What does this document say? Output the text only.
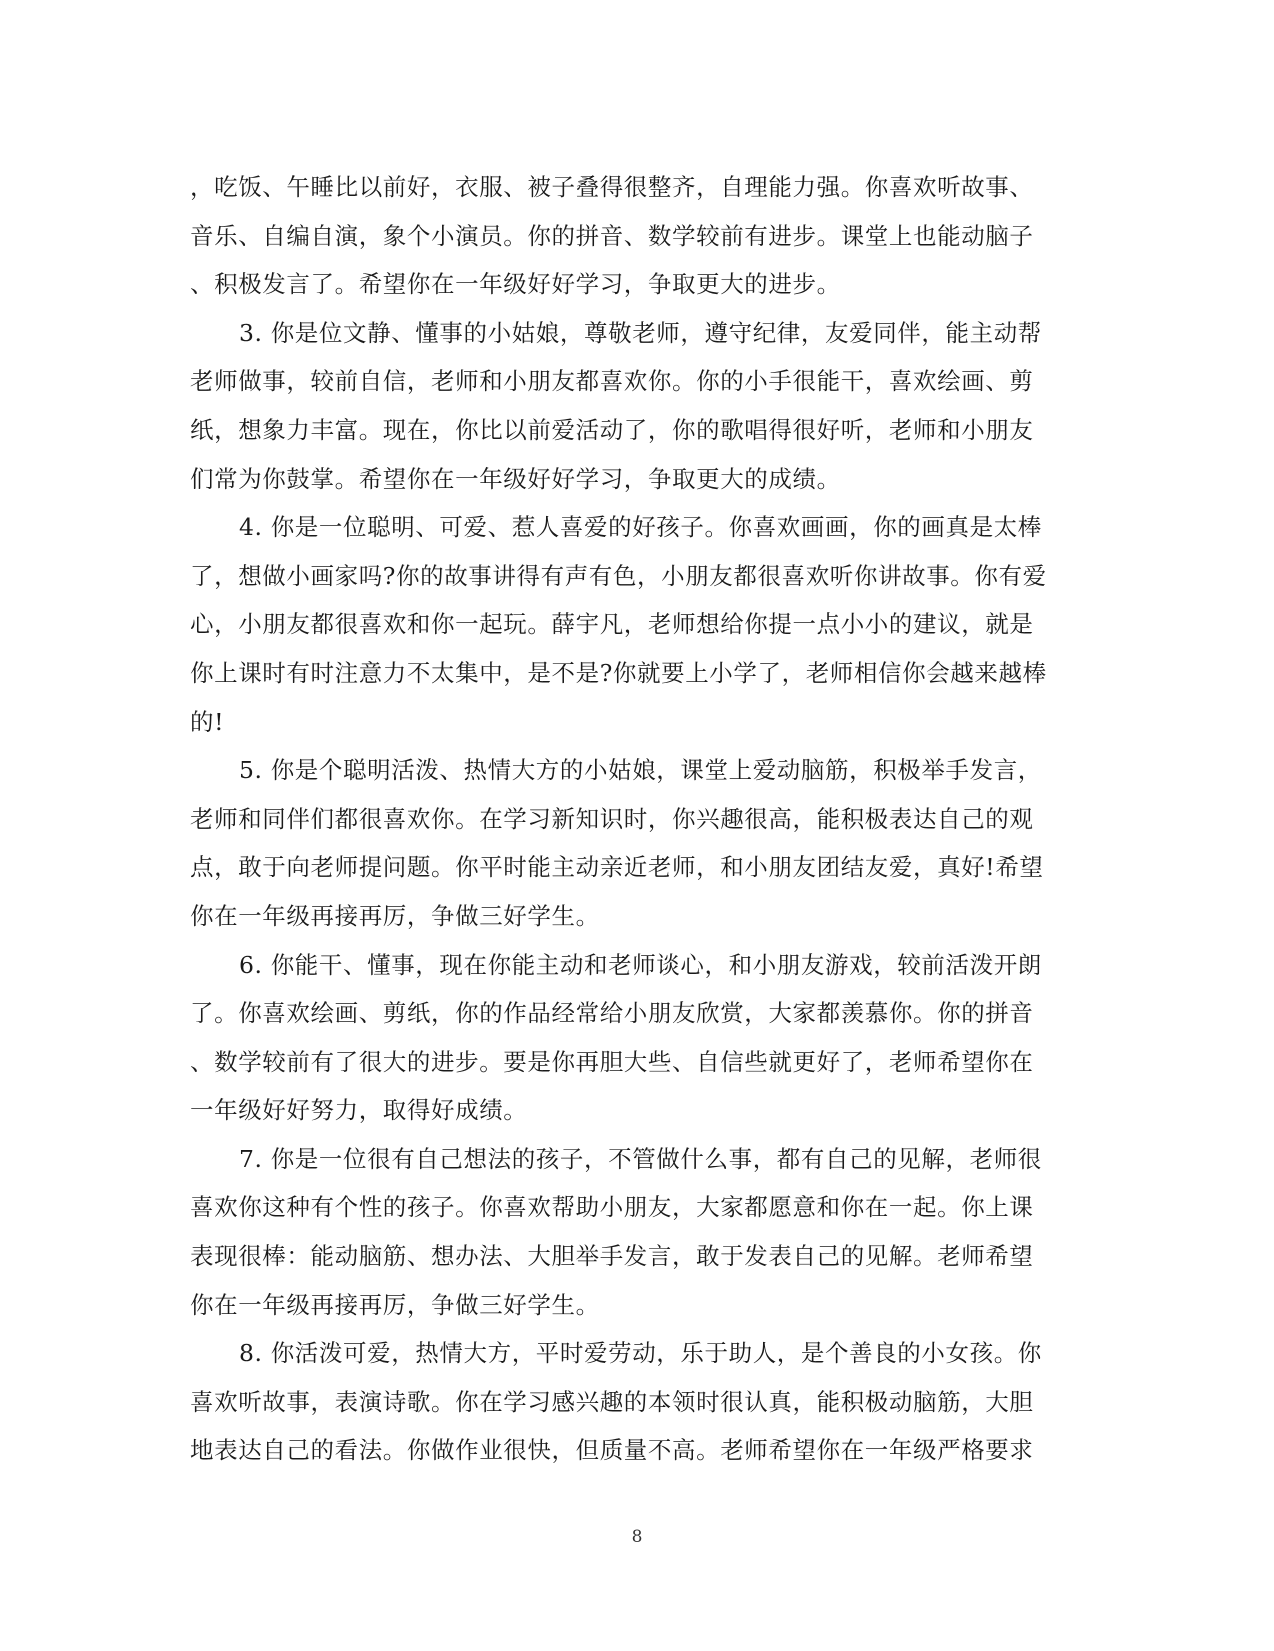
，吃饭、午睡比以前好，衣服、被子叠得很整齐，自理能力强。你喜欢听故事、
音乐、自编自演，象个小演员。你的拼音、数学较前有进步。课堂上也能动脑子
、积极发言了。希望你在一年级好好学习，争取更大的进步。
3. 你是位文静、懂事的小姑娘，尊敬老师，遵守纪律，友爱同伴，能主动帮
老师做事，较前自信，老师和小朋友都喜欢你。你的小手很能干，喜欢绘画、剪
纸，想象力丰富。现在，你比以前爱活动了，你的歌唱得很好听，老师和小朋友
们常为你鼓掌。希望你在一年级好好学习，争取更大的成绩。
4. 你是一位聪明、可爱、惹人喜爱的好孩子。你喜欢画画，你的画真是太棒
了，想做小画家吗?你的故事讲得有声有色，小朋友都很喜欢听你讲故事。你有爱
心，小朋友都很喜欢和你一起玩。薛宇凡，老师想给你提一点小小的建议，就是
你上课时有时注意力不太集中，是不是?你就要上小学了，老师相信你会越来越棒
的!
5. 你是个聪明活泼、热情大方的小姑娘，课堂上爱动脑筋，积极举手发言，
老师和同伴们都很喜欢你。在学习新知识时，你兴趣很高，能积极表达自己的观
点，敢于向老师提问题。你平时能主动亲近老师，和小朋友团结友爱，真好!希望
你在一年级再接再厉，争做三好学生。
6. 你能干、懂事，现在你能主动和老师谈心，和小朋友游戏，较前活泼开朗
了。你喜欢绘画、剪纸，你的作品经常给小朋友欣赏，大家都羡慕你。你的拼音
、数学较前有了很大的进步。要是你再胆大些、自信些就更好了，老师希望你在
一年级好好努力，取得好成绩。
7. 你是一位很有自己想法的孩子，不管做什么事，都有自己的见解，老师很
喜欢你这种有个性的孩子。你喜欢帮助小朋友，大家都愿意和你在一起。你上课
表现很棒：能动脑筋、想办法、大胆举手发言，敢于发表自己的见解。老师希望
你在一年级再接再厉，争做三好学生。
8. 你活泼可爱，热情大方，平时爱劳动，乐于助人，是个善良的小女孩。你
喜欢听故事，表演诗歌。你在学习感兴趣的本领时很认真，能积极动脑筋，大胆
地表达自己的看法。你做作业很快，但质量不高。老师希望你在一年级严格要求
8
